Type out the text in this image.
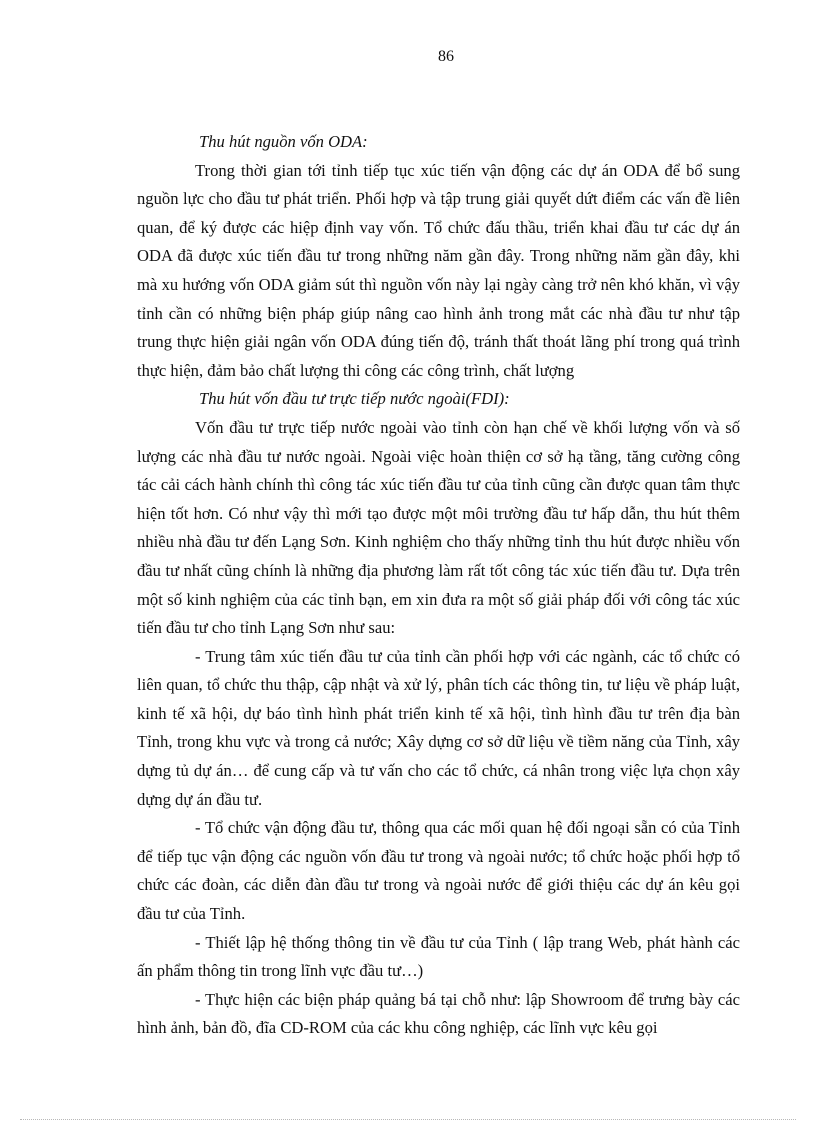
86

Thu hút nguồn vốn ODA:

Trong thời gian tới tỉnh tiếp tục xúc tiến vận động các dự án ODA để bổ sung nguồn lực cho đầu tư phát triển. Phối hợp và tập trung giải quyết dứt điểm các vấn đề liên quan, để ký được các hiệp định vay vốn. Tổ chức đấu thầu, triển khai đầu tư các dự án ODA đã được xúc tiến đầu tư trong những năm gần đây. Trong những năm gần đây, khi mà xu hướng vốn ODA giảm sút thì nguồn vốn này lại ngày càng trở nên khó khăn, vì vậy tỉnh cần có những biện pháp giúp nâng cao hình ảnh trong mắt các nhà đầu tư như tập trung thực hiện giải ngân vốn ODA đúng tiến độ, tránh thất thoát lãng phí trong quá trình thực hiện, đảm bảo chất lượng thi công các công trình, chất lượng

Thu hút vốn đầu tư trực tiếp nước ngoài(FDI):

Vốn đầu tư trực tiếp nước ngoài vào tỉnh còn hạn chế về khối lượng vốn và số lượng các nhà đầu tư nước ngoài. Ngoài việc hoàn thiện cơ sở hạ tầng, tăng cường công tác cải cách hành chính thì công tác xúc tiến đầu tư của tỉnh cũng cần được quan tâm thực hiện tốt hơn. Có như vậy thì mới tạo được một môi trường đầu tư hấp dẫn, thu hút thêm nhiều nhà đầu tư đến Lạng Sơn. Kinh nghiệm cho thấy những tỉnh thu hút được nhiều vốn đầu tư nhất cũng chính là những địa phương làm rất tốt công tác xúc tiến đầu tư. Dựa trên một số kinh nghiệm của các tỉnh bạn, em xin đưa ra một số giải pháp đối với công tác xúc tiến đầu tư cho tỉnh Lạng Sơn như sau:

- Trung tâm xúc tiến đầu tư của tỉnh cần phối hợp với các ngành, các tổ chức có liên quan, tổ chức thu thập, cập nhật và xử lý, phân tích các thông tin, tư liệu về pháp luật, kinh tế xã hội, dự báo tình hình phát triển kinh tế xã hội, tình hình đầu tư trên địa bàn Tỉnh, trong khu vực và trong cả nước; Xây dựng cơ sở dữ liệu về tiềm năng của Tỉnh, xây dựng tủ dự án… để cung cấp và tư vấn cho các tổ chức, cá nhân trong việc lựa chọn xây dựng dự án đầu tư.

- Tổ chức vận động đầu tư, thông qua các mối quan hệ đối ngoại sẵn có của Tỉnh để tiếp tục vận động các nguồn vốn đầu tư trong và ngoài nước; tổ chức hoặc phối hợp tổ chức các đoàn, các diễn đàn đầu tư trong và ngoài nước để giới thiệu các dự án kêu gọi đầu tư của Tỉnh.

- Thiết lập hệ thống thông tin về đầu tư của Tỉnh ( lập trang Web, phát hành các ấn phẩm thông tin trong lĩnh vực đầu tư…)

- Thực hiện các biện pháp quảng bá tại chỗ như: lập Showroom để trưng bày các hình ảnh, bản đồ, đĩa CD-ROM của các khu công nghiệp, các lĩnh vực kêu gọi
